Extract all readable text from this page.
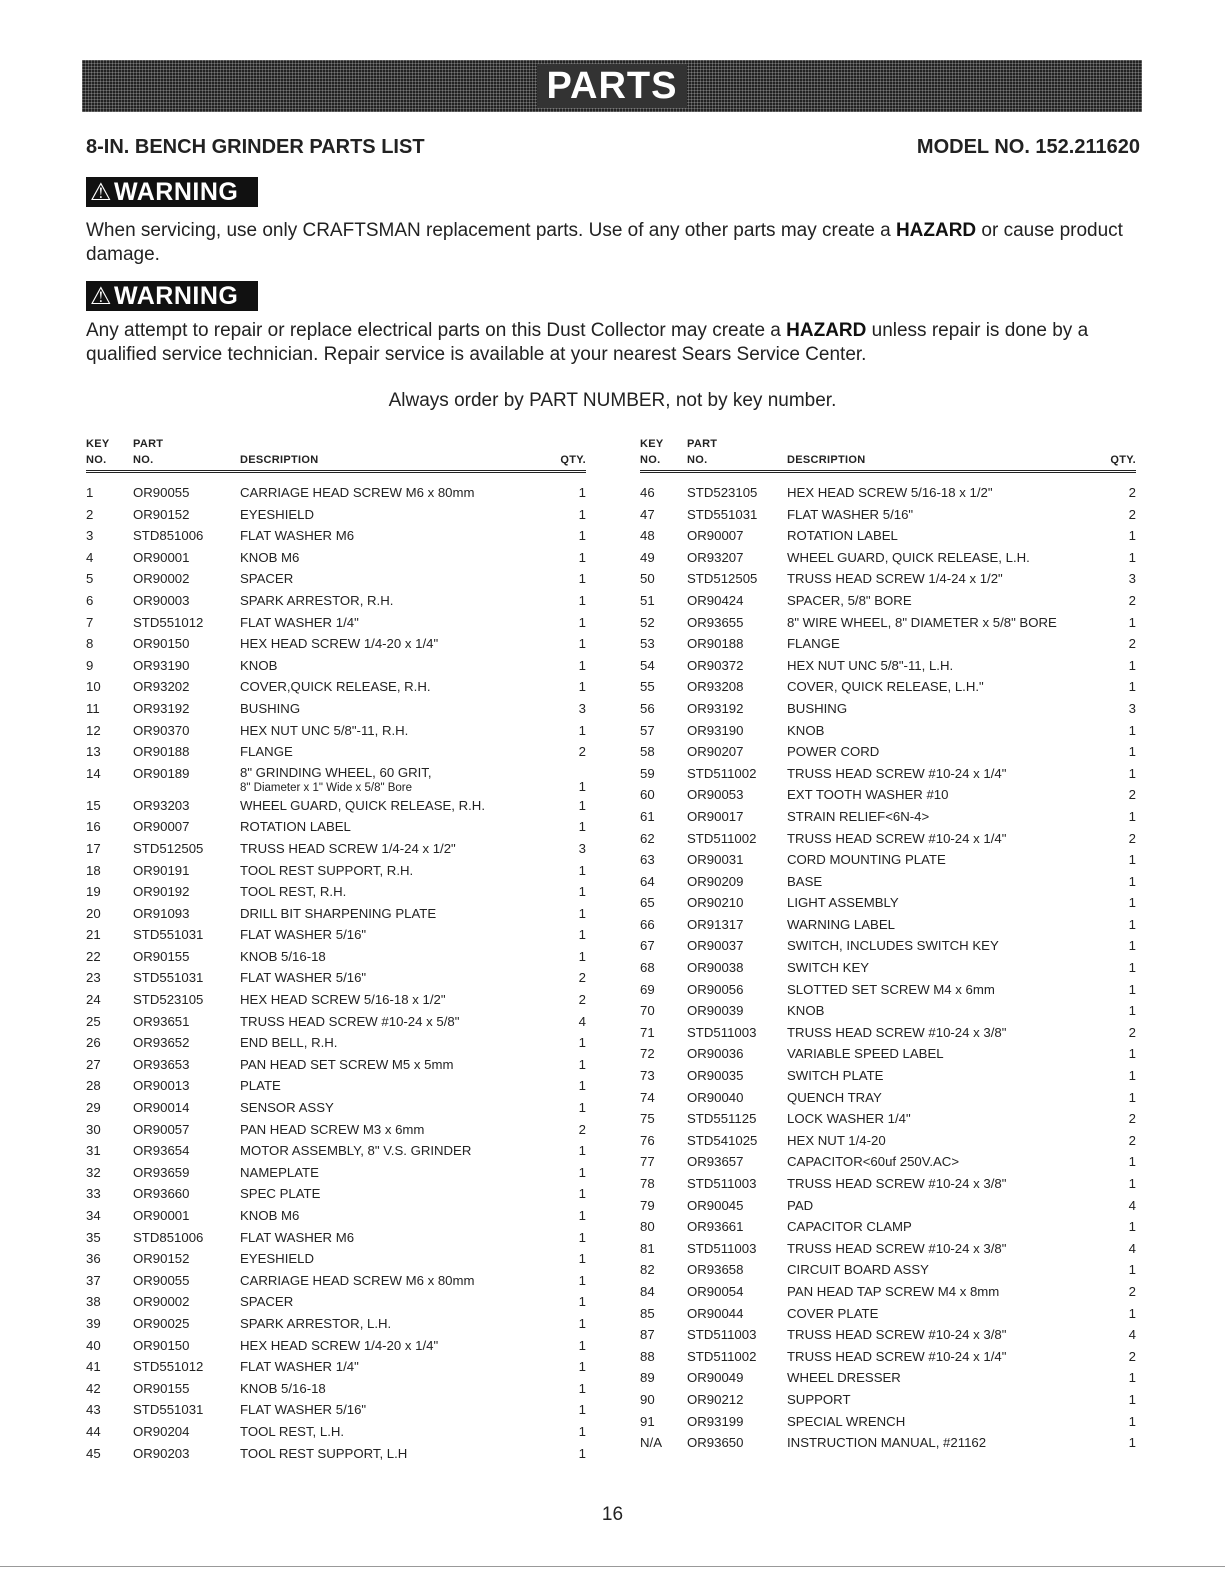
PARTS
8-IN. BENCH GRINDER PARTS LIST	MODEL NO. 152.211620
⚠ WARNING
When servicing, use only CRAFTSMAN replacement parts. Use of any other parts may create a HAZARD or cause product damage.
⚠ WARNING
Any attempt to repair or replace electrical parts on this Dust Collector may create a HAZARD unless repair is done by a qualified service technician. Repair service is available at your nearest Sears Service Center.
Always order by PART NUMBER, not by key number.
KEY
NO.
PART
NO.	DESCRIPTION	QTY.
1	OR90055	CARRIAGE HEAD SCREW M6 x 80mm	1
2	OR90152	EYESHIELD	1
3	STD851006	FLAT WASHER M6	1
4	OR90001	KNOB M6	1
5	OR90002	SPACER	1
6	OR90003	SPARK ARRESTOR, R.H.	1
7	STD551012	FLAT WASHER 1/4"	1
8	OR90150	HEX HEAD SCREW 1/4-20 x 1/4"	1
9	OR93190	KNOB	1
10 OR93202	COVER,QUICK RELEASE, R.H.	1
11	OR93192	BUSHING	3
12 OR90370	HEX NUT UNC 5/8"-11, R.H.	1
13 OR90188	FLANGE	2
14 OR90189	8" GRINDING WHEEL, 60 GRIT,
8" Diameter x 1" Wide x 5/8" Bore	1
15 OR93203	WHEEL GUARD, QUICK RELEASE, R.H.	1
16 OR90007	ROTATION LABEL	1
17 STD512505	TRUSS HEAD SCREW 1/4-24 x 1/2"	3
18 OR90191	TOOL REST SUPPORT, R.H.	1
19 OR90192	TOOL REST, R.H.	1
20 OR91093	DRILL BIT SHARPENING PLATE	1
21 STD551031	FLAT WASHER 5/16"	1
22 OR90155	KNOB 5/16-18	1
23 STD551031	FLAT WASHER 5/16"	2
24 STD523105	HEX HEAD SCREW 5/16-18 x 1/2"	2
25 OR93651	TRUSS HEAD SCREW #10-24 x 5/8"	4
26 OR93652	END BELL, R.H.	1
27 OR93653	PAN HEAD SET SCREW M5 x 5mm	1
28 OR90013	PLATE	1
29 OR90014	SENSOR ASSY	1
30 OR90057	PAN HEAD SCREW M3 x 6mm	2
31 OR93654	MOTOR ASSEMBLY, 8" V.S. GRINDER	1
32 OR93659	NAMEPLATE	1
33 OR93660	SPEC PLATE	1
34 OR90001	KNOB M6	1
35 STD851006	FLAT WASHER M6	1
36 OR90152	EYESHIELD	1
37 OR90055	CARRIAGE HEAD SCREW M6 x 80mm	1
38 OR90002	SPACER	1
39 OR90025	SPARK ARRESTOR, L.H.	1
40 OR90150	HEX HEAD SCREW 1/4-20 x 1/4"	1
41 STD551012	FLAT WASHER 1/4"	1
42 OR90155	KNOB 5/16-18	1
43 STD551031	FLAT WASHER 5/16"	1
44 OR90204	TOOL REST, L.H.	1
45 OR90203	TOOL REST SUPPORT, L.H	1
KEY
NO.
PART
NO.	DESCRIPTION	QTY.
46 STD523105 HEX HEAD SCREW 5/16-18 x 1/2"	2
47 STD551031 FLAT WASHER 5/16"	2
48 OR90007	ROTATION LABEL	1
49 OR93207	WHEEL GUARD, QUICK RELEASE, L.H.	1
50 STD512505 TRUSS HEAD SCREW 1/4-24 x 1/2"	3
51 OR90424	SPACER, 5/8" BORE	2
52 OR93655	8" WIRE WHEEL, 8" DIAMETER x 5/8" BORE	1
53 OR90188	FLANGE	2
54 OR90372	HEX NUT UNC 5/8"-11, L.H.	1
55 OR93208	COVER, QUICK RELEASE, L.H."	1
56 OR93192	BUSHING	3
57 OR93190	KNOB	1
58 OR90207	POWER CORD	1
59 STD511002 TRUSS HEAD SCREW #10-24 x 1/4"	1
60 OR90053	EXT TOOTH WASHER #10	2
61 OR90017	STRAIN RELIEF<6N-4>	1
62 STD511002 TRUSS HEAD SCREW #10-24 x 1/4"	2
63 OR90031	CORD MOUNTING PLATE	1
64 OR90209	BASE	1
65 OR90210	LIGHT ASSEMBLY	1
66 OR91317	WARNING LABEL	1
67 OR90037	SWITCH, INCLUDES SWITCH KEY	1
68 OR90038	SWITCH KEY	1
69 OR90056	SLOTTED SET SCREW M4 x 6mm	1
70 OR90039	KNOB	1
71 STD511003 TRUSS HEAD SCREW #10-24 x 3/8"	2
72 OR90036	VARIABLE SPEED LABEL	1
73 OR90035	SWITCH PLATE	1
74 OR90040	QUENCH TRAY	1
75 STD551125 LOCK WASHER 1/4"	2
76 STD541025 HEX NUT 1/4-20	2
77 OR93657	CAPACITOR<60uf 250V.AC>	1
78 STD511003 TRUSS HEAD SCREW #10-24 x 3/8"	1
79 OR90045	PAD	4
80 OR93661	CAPACITOR CLAMP	1
81 STD511003 TRUSS HEAD SCREW #10-24 x 3/8"	4
82 OR93658	CIRCUIT BOARD ASSY	1
84 OR90054	PAN HEAD TAP SCREW M4 x 8mm	2
85 OR90044	COVER PLATE	1
87 STD511003 TRUSS HEAD SCREW #10-24 x 3/8"	4
88 STD511002 TRUSS HEAD SCREW #10-24 x 1/4"	2
89 OR90049	WHEEL DRESSER	1
90 OR90212	SUPPORT	1
91 OR93199	SPECIAL WRENCH	1
N/A OR93650	INSTRUCTION MANUAL, #21162	1
16
